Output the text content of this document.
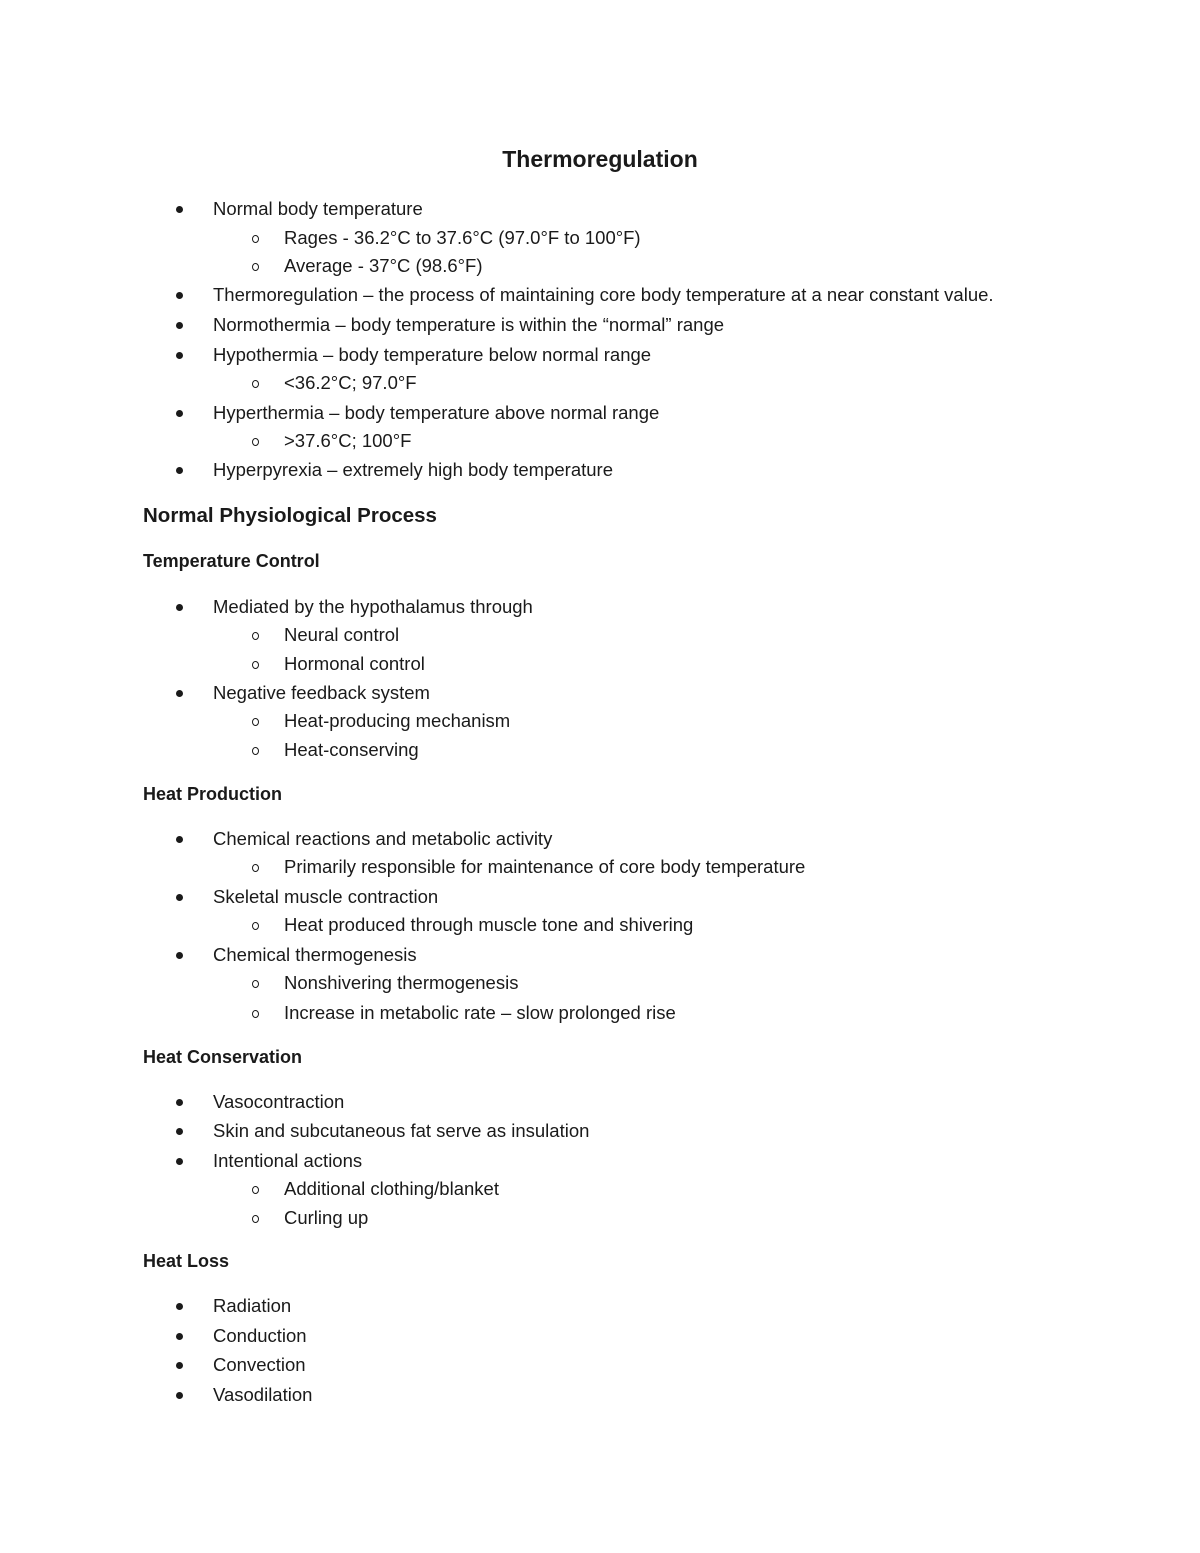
Thermoregulation
Normal body temperature
Rages - 36.2°C to 37.6°C (97.0°F to 100°F)
Average - 37°C (98.6°F)
Thermoregulation – the process of maintaining core body temperature at a near constant value.
Normothermia – body temperature is within the “normal” range
Hypothermia – body temperature below normal range
<36.2°C; 97.0°F
Hyperthermia – body temperature above normal range
>37.6°C; 100°F
Hyperpyrexia – extremely high body temperature
Normal Physiological Process
Temperature Control
Mediated by the hypothalamus through
Neural control
Hormonal control
Negative feedback system
Heat-producing mechanism
Heat-conserving
Heat Production
Chemical reactions and metabolic activity
Primarily responsible for maintenance of core body temperature
Skeletal muscle contraction
Heat produced through muscle tone and shivering
Chemical thermogenesis
Nonshivering thermogenesis
Increase in metabolic rate – slow prolonged rise
Heat Conservation
Vasocontraction
Skin and subcutaneous fat serve as insulation
Intentional actions
Additional clothing/blanket
Curling up
Heat Loss
Radiation
Conduction
Convection
Vasodilation
